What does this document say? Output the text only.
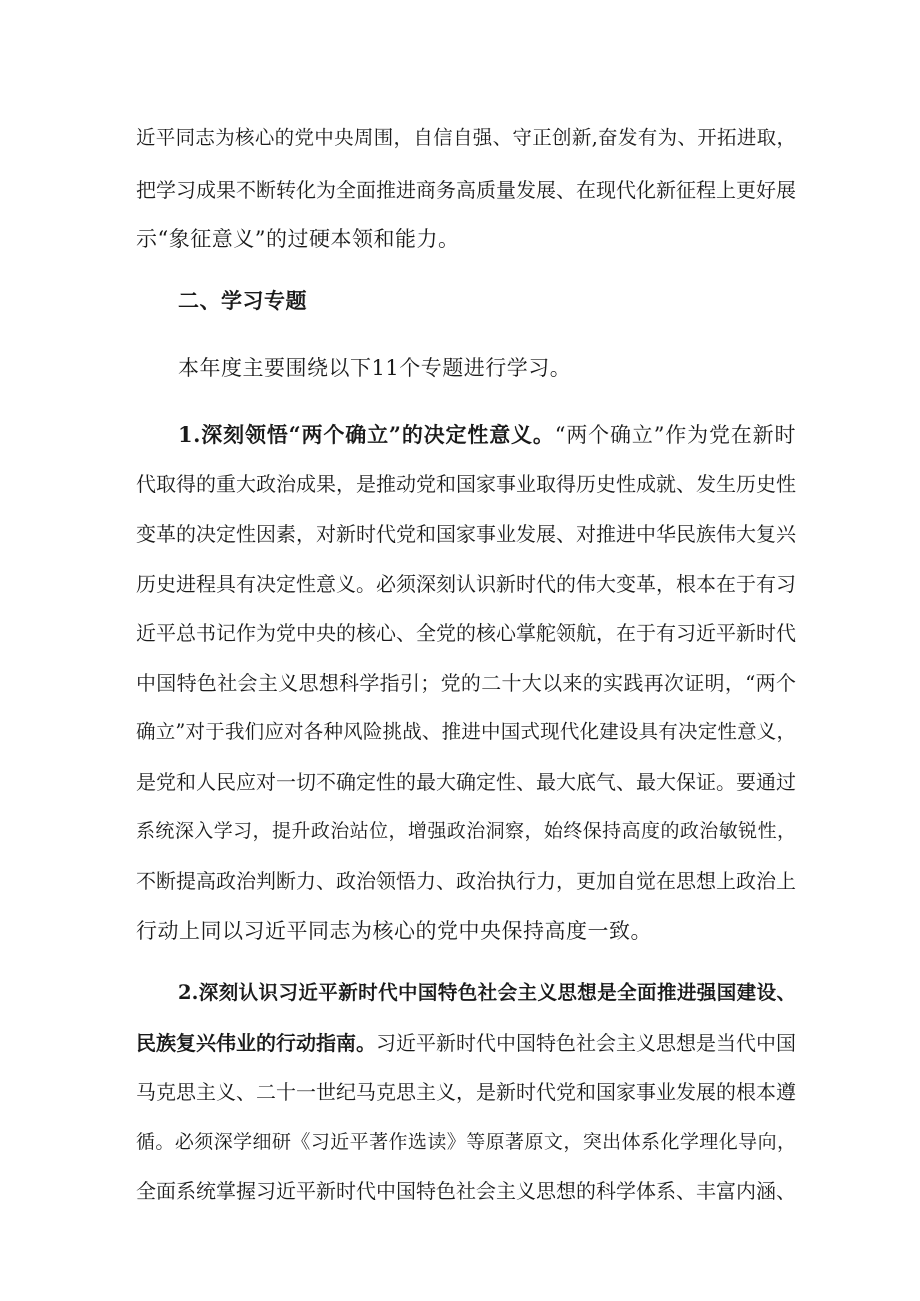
近平同志为核心的党中央周围，自信自强、守正创新,奋发有为、开拓进取，
把学习成果不断转化为全面推进商务高质量发展、在现代化新征程上更好展
示“象征意义”的过硬本领和能力。
二、学习专题
本年度主要围绕以下11个专题进行学习。
1.深刻领悟“两个确立”的决定性意义。“两个确立”作为党在新时
代取得的重大政治成果，是推动党和国家事业取得历史性成就、发生历史性
变革的决定性因素，对新时代党和国家事业发展、对推进中华民族伟大复兴
历史进程具有决定性意义。必须深刻认识新时代的伟大变革，根本在于有习
近平总书记作为党中央的核心、全党的核心掌舵领航，在于有习近平新时代
中国特色社会主义思想科学指引；党的二十大以来的实践再次证明，“两个
确立”对于我们应对各种风险挑战、推进中国式现代化建设具有决定性意义，
是党和人民应对一切不确定性的最大确定性、最大底气、最大保证。要通过
系统深入学习，提升政治站位，增强政治洞察，始终保持高度的政治敏锐性，
不断提高政治判断力、政治领悟力、政治执行力，更加自觉在思想上政治上
行动上同以习近平同志为核心的党中央保持高度一致。
2.深刻认识习近平新时代中国特色社会主义思想是全面推进强国建设、
民族复兴伟业的行动指南。习近平新时代中国特色社会主义思想是当代中国
马克思主义、二十一世纪马克思主义，是新时代党和国家事业发展的根本遵
循。必须深学细研《习近平著作选读》等原著原文，突出体系化学理化导向，
全面系统掌握习近平新时代中国特色社会主义思想的科学体系、丰富内涵、
